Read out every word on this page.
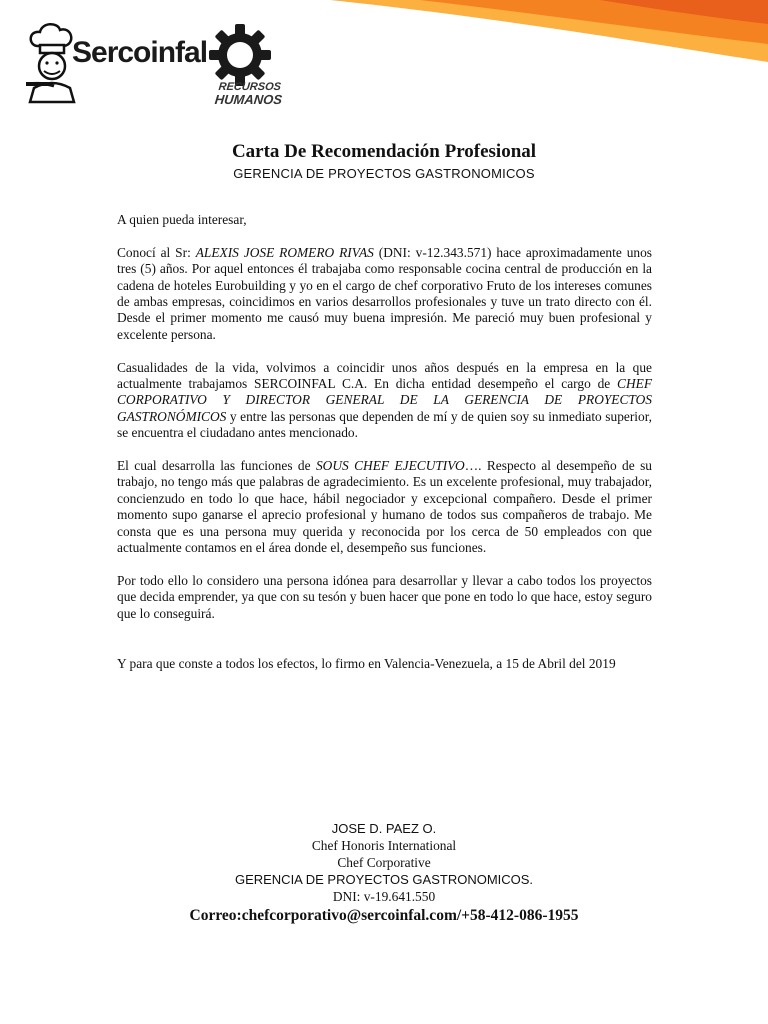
Sercoinfal
RECURSOS
HUMANOS
Carta De Recomendación Profesional
GERENCIA DE PROYECTOS GASTRONOMICOS

A quien pueda interesar,

Conocí al Sr: ALEXIS JOSE ROMERO RIVAS (DNI: v-12.343.571) hace aproximadamente unos tres (5) años. Por aquel entonces él trabajaba como responsable cocina central de producción en la cadena de hoteles Eurobuilding y yo en el cargo de chef corporativo Fruto de los intereses comunes de ambas empresas, coincidimos en varios desarrollos profesionales y tuve un trato directo con él. Desde el primer momento me causó muy buena impresión. Me pareció muy buen profesional y excelente persona.

Casualidades de la vida, volvimos a coincidir unos años después en la empresa en la que actualmente trabajamos SERCOINFAL C.A. En dicha entidad desempeño el cargo de CHEF CORPORATIVO Y DIRECTOR GENERAL DE LA GERENCIA DE PROYECTOS GASTRONÓMICOS y entre las personas que dependen de mí y de quien soy su inmediato superior, se encuentra el ciudadano antes mencionado.

El cual desarrolla las funciones de SOUS CHEF EJECUTIVO…. Respecto al desempeño de su trabajo, no tengo más que palabras de agradecimiento. Es un excelente profesional, muy trabajador, concienzudo en todo lo que hace, hábil negociador y excepcional compañero. Desde el primer momento supo ganarse el aprecio profesional y humano de todos sus compañeros de trabajo. Me consta que es una persona muy querida y reconocida por los cerca de 50 empleados con que actualmente contamos en el área donde el, desempeño sus funciones.

Por todo ello lo considero una persona idónea para desarrollar y llevar a cabo todos los proyectos que decida emprender, ya que con su tesón y buen hacer que pone en todo lo que hace, estoy seguro que lo conseguirá.

Y para que conste a todos los efectos, lo firmo en Valencia-Venezuela, a 15 de Abril del 2019

JOSE D. PAEZ O.
Chef Honoris International
Chef Corporative
GERENCIA DE PROYECTOS GASTRONOMICOS.
DNI: v-19.641.550
Correo:chefcorporativo@sercoinfal.com/+58-412-086-1955
